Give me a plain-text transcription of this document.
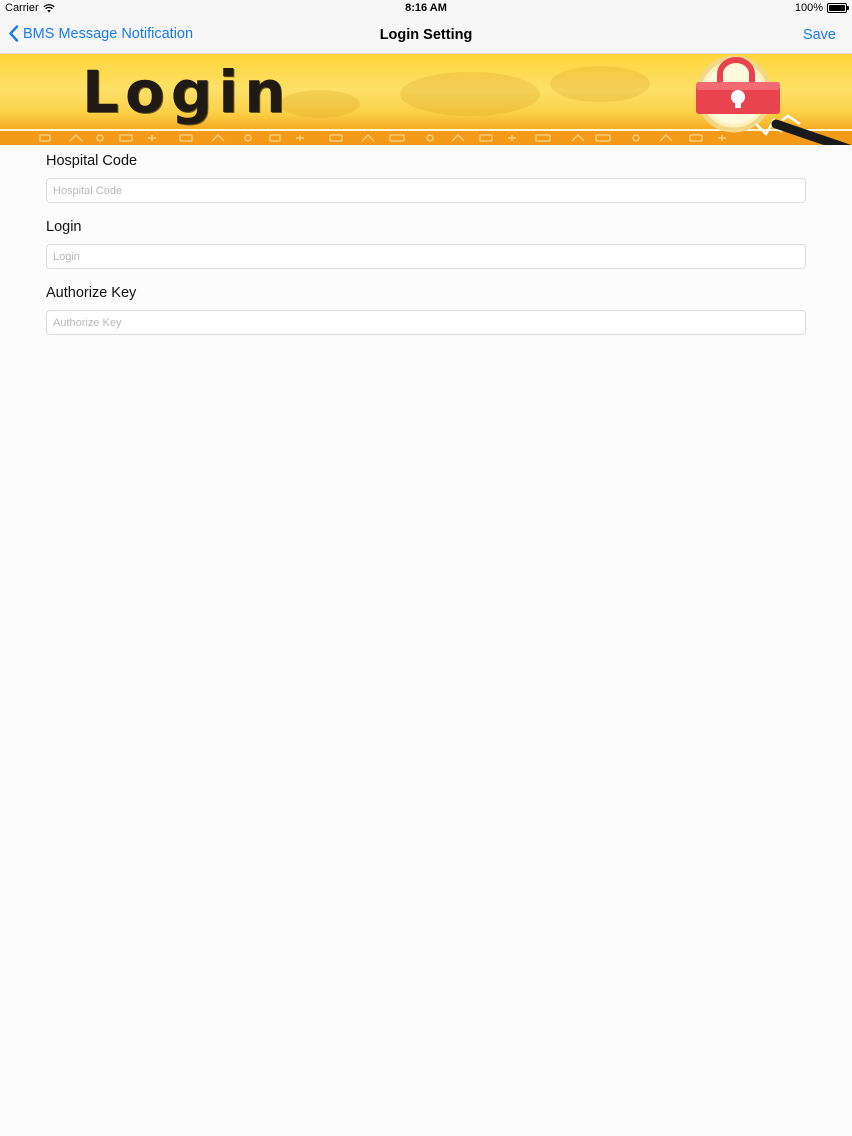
Carrier	8:16 AM	100%
BMS Message Notification	Login Setting	Save
Login
Hospital Code
Hospital Code
Login
Login
Authorize Key
Authorize Key
